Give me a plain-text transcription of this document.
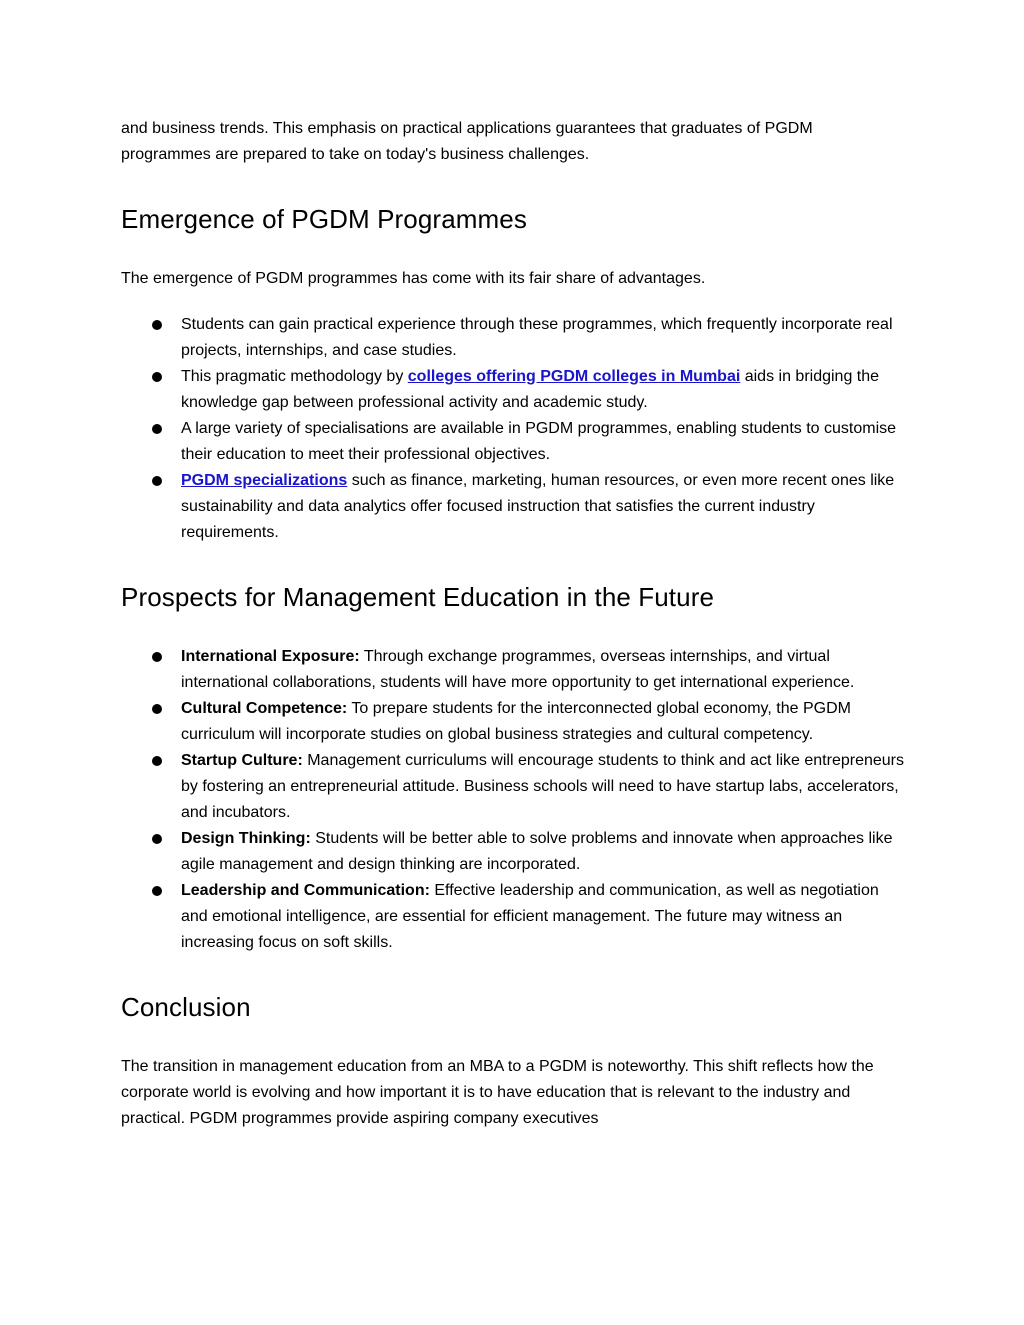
and business trends. This emphasis on practical applications guarantees that graduates of PGDM programmes are prepared to take on today's business challenges.

Emergence of PGDM Programmes

The emergence of PGDM programmes has come with its fair share of advantages.

Students can gain practical experience through these programmes, which frequently incorporate real projects, internships, and case studies.
This pragmatic methodology by colleges offering PGDM colleges in Mumbai aids in bridging the knowledge gap between professional activity and academic study.
A large variety of specialisations are available in PGDM programmes, enabling students to customise their education to meet their professional objectives.
PGDM specializations such as finance, marketing, human resources, or even more recent ones like sustainability and data analytics offer focused instruction that satisfies the current industry requirements.
Prospects for Management Education in the Future
International Exposure: Through exchange programmes, overseas internships, and virtual international collaborations, students will have more opportunity to get international experience.
Cultural Competence: To prepare students for the interconnected global economy, the PGDM curriculum will incorporate studies on global business strategies and cultural competency.
Startup Culture: Management curriculums will encourage students to think and act like entrepreneurs by fostering an entrepreneurial attitude. Business schools will need to have startup labs, accelerators, and incubators.
Design Thinking: Students will be better able to solve problems and innovate when approaches like agile management and design thinking are incorporated.
Leadership and Communication: Effective leadership and communication, as well as negotiation and emotional intelligence, are essential for efficient management. The future may witness an increasing focus on soft skills.
Conclusion

The transition in management education from an MBA to a PGDM is noteworthy. This shift reflects how the corporate world is evolving and how important it is to have education that is relevant to the industry and practical. PGDM programmes provide aspiring company executives
